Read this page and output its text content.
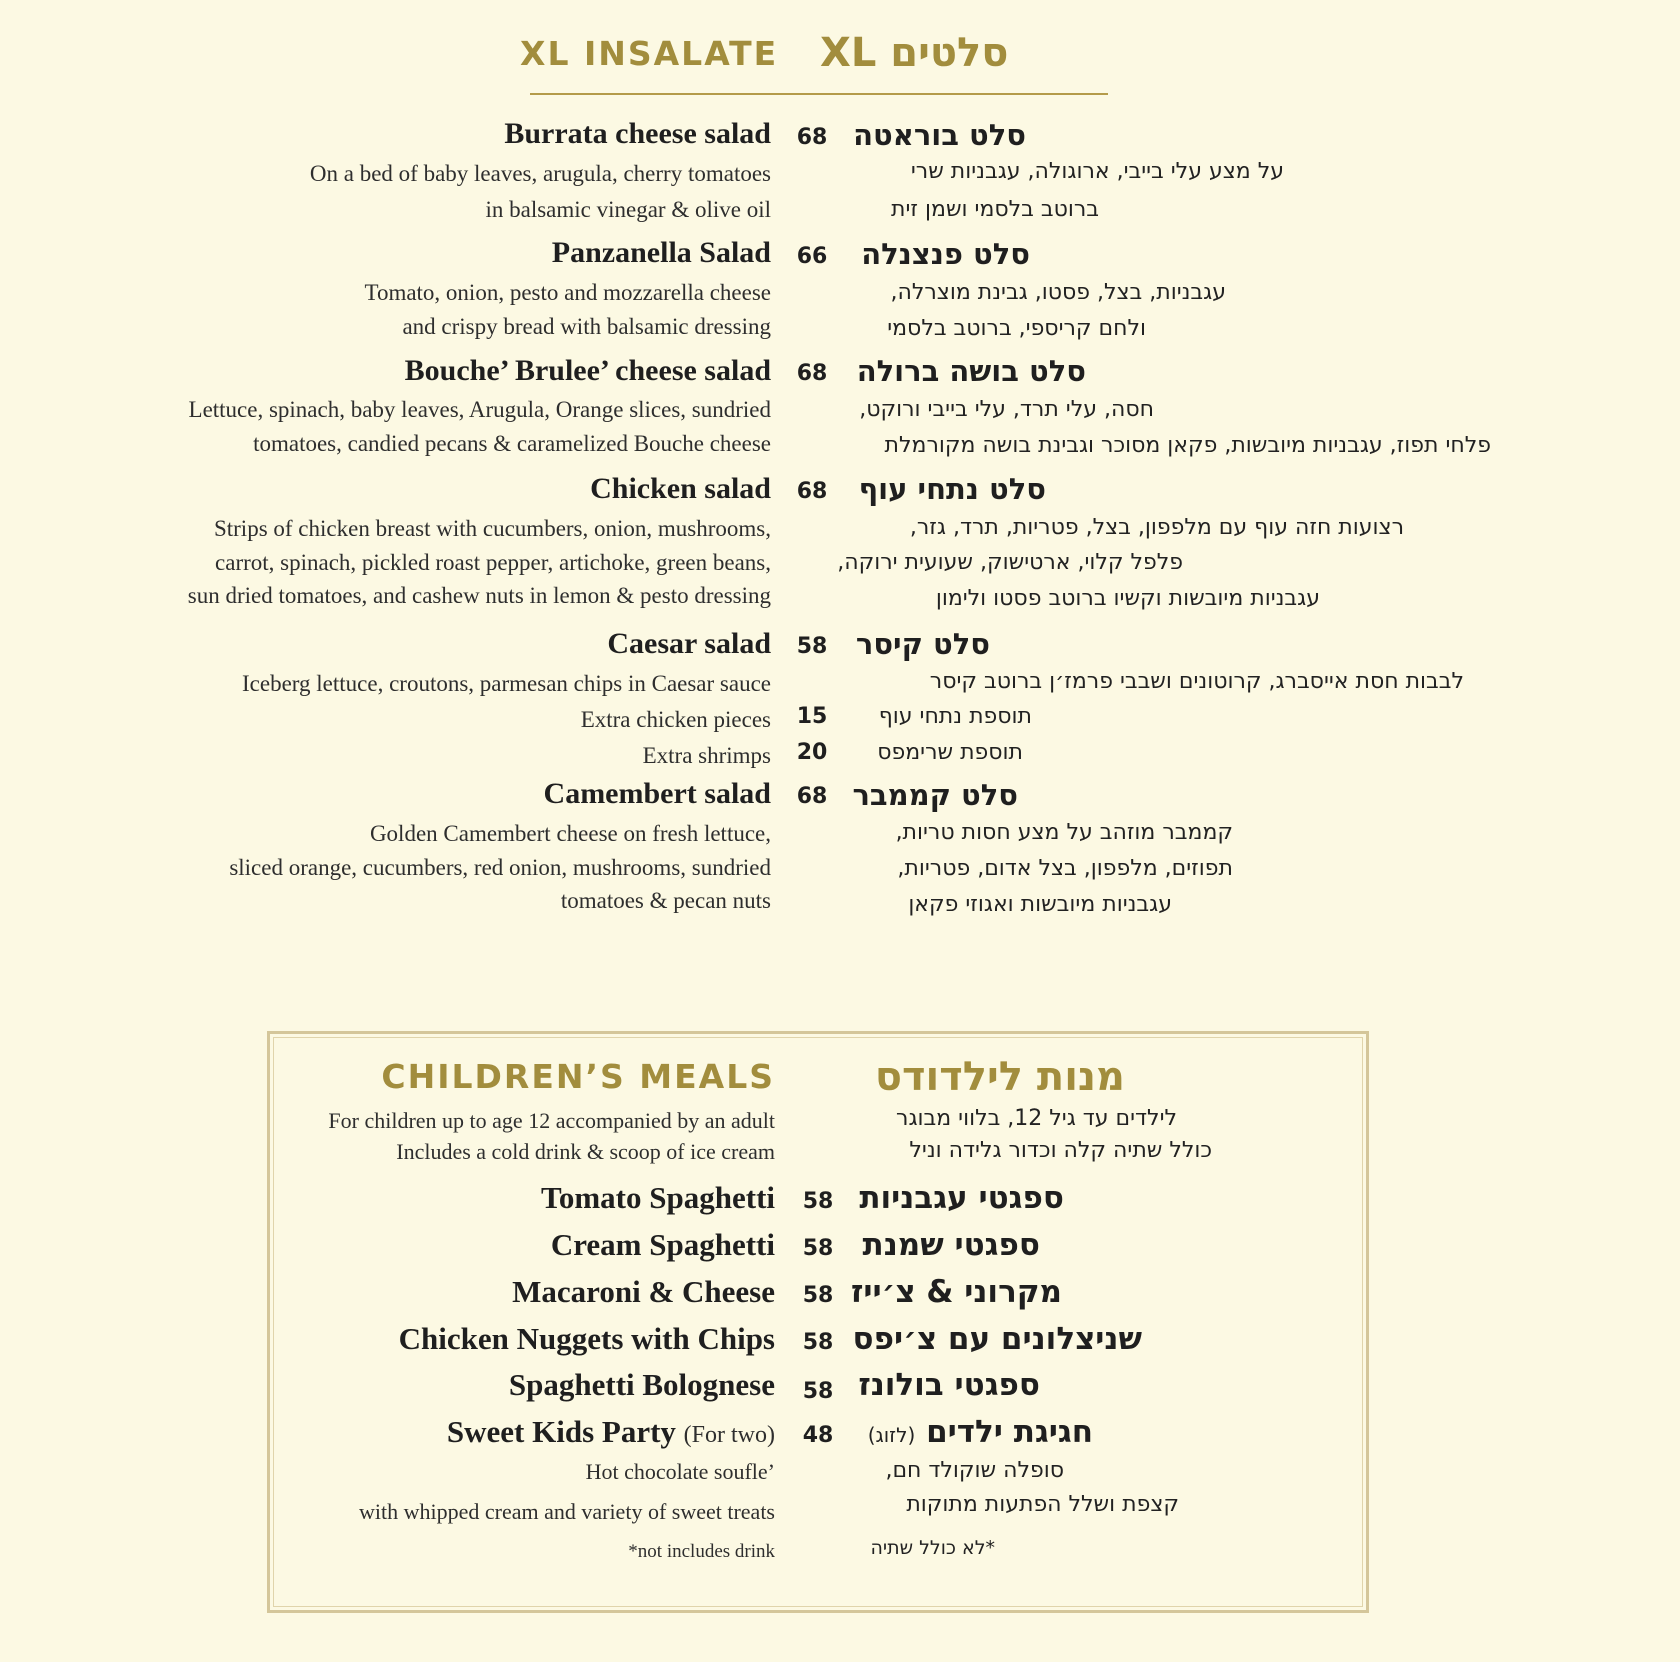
XL INSALATE סלטים XL
Burrata cheese salad	68 סלט בוראטה
On a bed of baby leaves, arugula, cherry tomatoes
in balsamic vinegar & olive oil
על מצע עלי בייבי, ארוגולה, עגבניות שרי
ברוטב בלסמי ושמן זית
Panzanella Salad	66 סלט פנצנלה
Tomato, onion, pesto and mozzarella cheese
and crispy bread with balsamic dressing
עגבניות, בצל, פסטו, גבינת מוצרלה,
ולחם קריספי, ברוטב בלסמי
Bouche’ Brulee’ cheese salad	68 סלט בושה ברולה
Lettuce, spinach, baby leaves, Arugula, Orange slices, sundried
tomatoes, candied pecans & caramelized Bouche cheese
חסה, עלי תרד, עלי בייבי ורוקט,
פלחי תפוז, עגבניות מיובשות, פקאן מסוכר וגבינת בושה מקורמלת
Chicken salad	68 סלט נתחי עוף
Strips of chicken breast with cucumbers, onion, mushrooms,
carrot, spinach, pickled roast pepper, artichoke, green beans,
sun dried tomatoes, and cashew nuts in lemon & pesto dressing
רצועות חזה עוף עם מלפפון, בצל, פטריות, תרד, גזר,
פלפל קלוי, ארטישוק, שעועית ירוקה,
עגבניות מיובשות וקשיו ברוטב פסטו ולימון
Caesar salad	58 סלט קיסר
Iceberg lettuce, croutons, parmesan chips in Caesar sauce	לבבות חסת אייסברג, קרוטונים ושבבי פרמז׳ן ברוטב קיסר
Extra chicken pieces	15	תוספת נתחי עוף
Extra shrimps	20	תוספת שרימפס
Camembert salad	68 סלט קממבר
Golden Camembert cheese on fresh lettuce,
sliced orange, cucumbers, red onion, mushrooms, sundried
tomatoes & pecan nuts
קממבר מוזהב על מצע חסות טריות,
תפוזים, מלפפון, בצל אדום, פטריות,
עגבניות מיובשות ואגוזי פקאן
CHILDREN’S MEALS מנות לילדודס
For children up to age 12 accompanied by an adult
Includes a cold drink & scoop of ice cream
לילדים עד גיל 12, בלווי מבוגר
כולל שתיה קלה וכדור גלידה וניל
Tomato Spaghetti	58 ספגטי עגבניות
Cream Spaghetti	58 ספגטי שמנת
Macaroni & Cheese	58 מקרוני & צ׳ייז
Chicken Nuggets with Chips	58 שניצלונים עם צ׳יפס
Spaghetti Bolognese	58 ספגטי בולונז
Sweet Kids Party (For two)	48	חגיגת ילדים (לזוג)
Hot chocolate soufle’
with whipped cream and variety of sweet treats
סופלה שוקולד חם,
קצפת ושלל הפתעות מתוקות
*not includes drink	*לא כולל שתיה
